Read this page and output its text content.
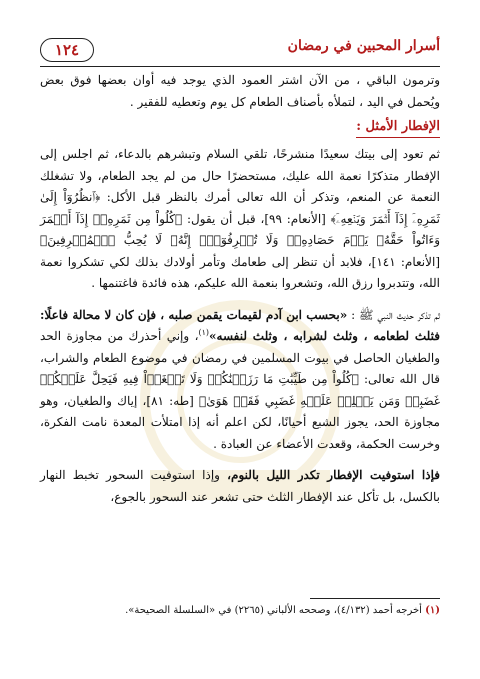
١٢٤	أسرار المحبين في رمضان

وترمون الباقي ، من الآن اشتر العمود الذي يوجد فيه أوان بعضها فوق بعض ويُحمل في اليد ، لتملأه بأصناف الطعام كل يوم وتعطيه للفقير .

الإفطار الأمثل :

ثم تعود إلى بيتك سعيدًا منشرحًا، تلقي السلام وتبشرهم بالدعاء، ثم اجلس إلى الإفطار متذكرًا نعمة الله عليك، مستحضرًا حال من لم يجد الطعام، ولا تشغلك النعمة عن المنعم، وتذكر أن الله تعالى أمرك بالنظر قبل الأكل: ﴿ٱنظُرُوٓاْ إِلَىٰ ثَمَرِهِۦٓ إِذَآ أَثۡمَرَ وَيَنۡعِهِۦٓ﴾ [الأنعام: ٩٩]، قبل أن يقول: ﴿كُلُواْ مِن ثَمَرِهِۦٓ إِذَآ أَثۡمَرَ وَءَاتُواْ حَقَّهُۥ يَوۡمَ حَصَادِهِۦۖ وَلَا تُسۡرِفُوٓاْۚ إِنَّهُۥ لَا يُحِبُّ ٱلۡمُسۡرِفِينَ﴾ [الأنعام: ١٤١]، فلابد أن تنظر إلى طعامك وتأمر أولادك بذلك لكي تشكروا نعمة الله، وتتدبروا رزق الله، وتشعروا بنعمة الله عليكم، هذه فائدة فاغتنمها .

ثم تذكر حديث النبي ﷺ : «بحسب ابن آدم لقيمات يقمن صلبه ، فإن كان لا محالة فاعلًا: فثلث لطعامه ، وثلث لشرابه ، وثلث لنفسه»$^{(١)}$، وإني أحذرك من مجاوزة الحد والطغيان الحاصل في بيوت المسلمين في رمضان في موضوع الطعام والشراب، قال الله تعالى: ﴿كُلُواْ مِن طَيِّبَٰتِ مَا رَزَقۡنَٰكُمۡ وَلَا تَطۡغَوۡاْ فِيهِ فَيَحِلَّ عَلَيۡكُمۡ غَضَبِيۖ وَمَن يَحۡلِلۡ عَلَيۡهِ غَضَبِي فَقَدۡ هَوَىٰ﴾ [طه: ٨١]، إياك والطغيان، وهو مجاوزة الحد، يجوز الشبع أحيانًا، لكن اعلم أنه إذا امتلأت المعدة نامت الفكرة، وخرست الحكمة، وقعدت الأعضاء عن العبادة .

فإذا استوفيت الإفطار تكدر الليل بالنوم، وإذا استوفيت السحور تخبط النهار بالكسل، بل تأكل عند الإفطار الثلث حتى تشعر عند السحور بالجوع،

(١) أخرجه أحمد (٤/١٣٢)، وصححه الألباني (٢٢٦٥) في «السلسلة الصحيحة».
